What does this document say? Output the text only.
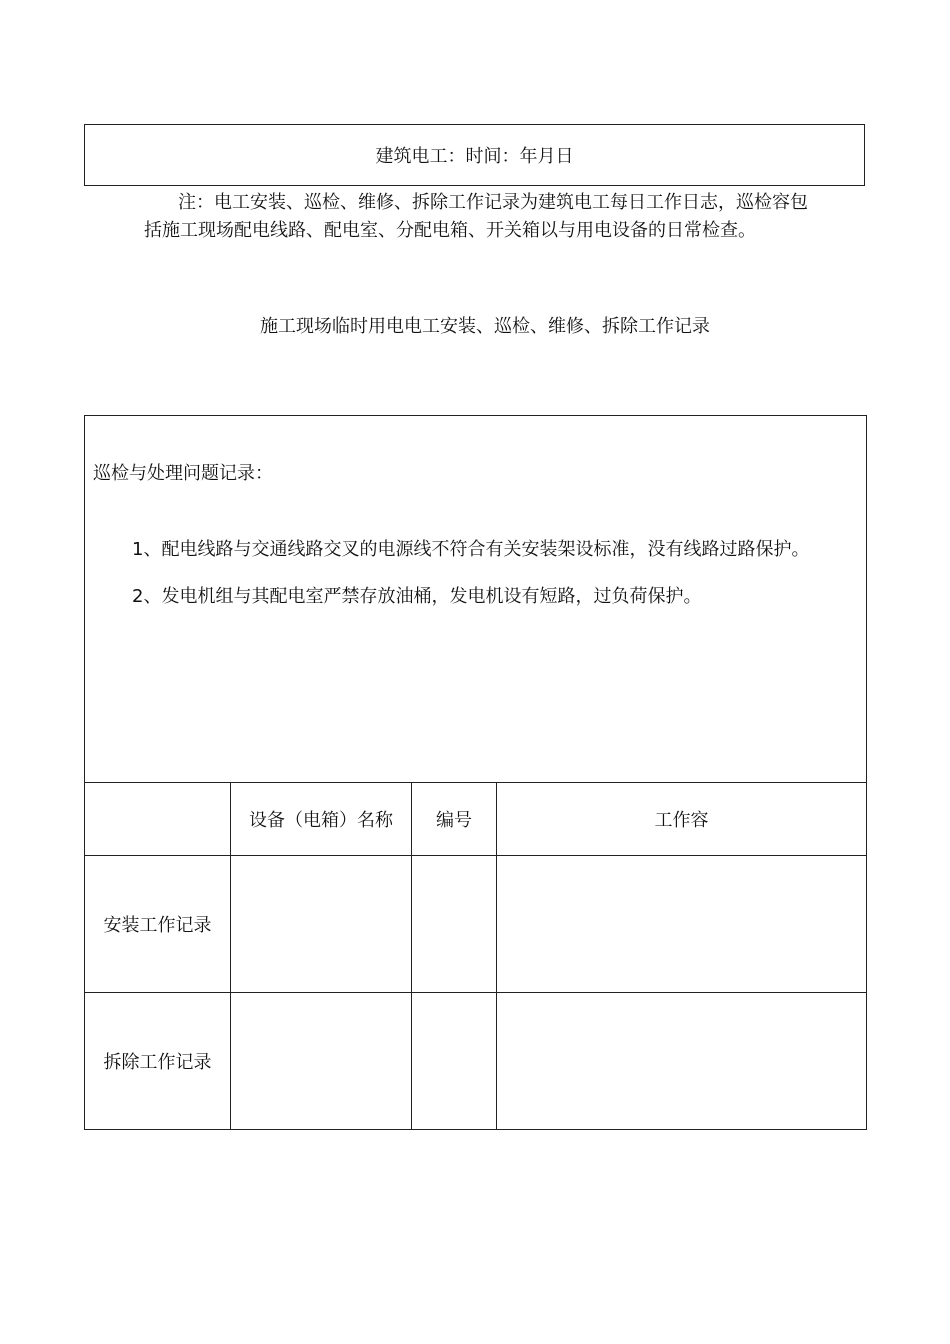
建筑电工：时间：年月日
注：电工安装、巡检、维修、拆除工作记录为建筑电工每日工作日志，巡检容包括施工现场配电线路、配电室、分配电箱、开关箱以与用电设备的日常检查。
施工现场临时用电电工安装、巡检、维修、拆除工作记录
巡检与处理问题记录：
1、配电线路与交通线路交叉的电源线不符合有关安装架设标准，没有线路过路保护。
2、发电机组与其配电室严禁存放油桶，发电机设有短路，过负荷保护。			

	设备（电箱）名称	编号	工作容
安装工作记录			
拆除工作记录			
